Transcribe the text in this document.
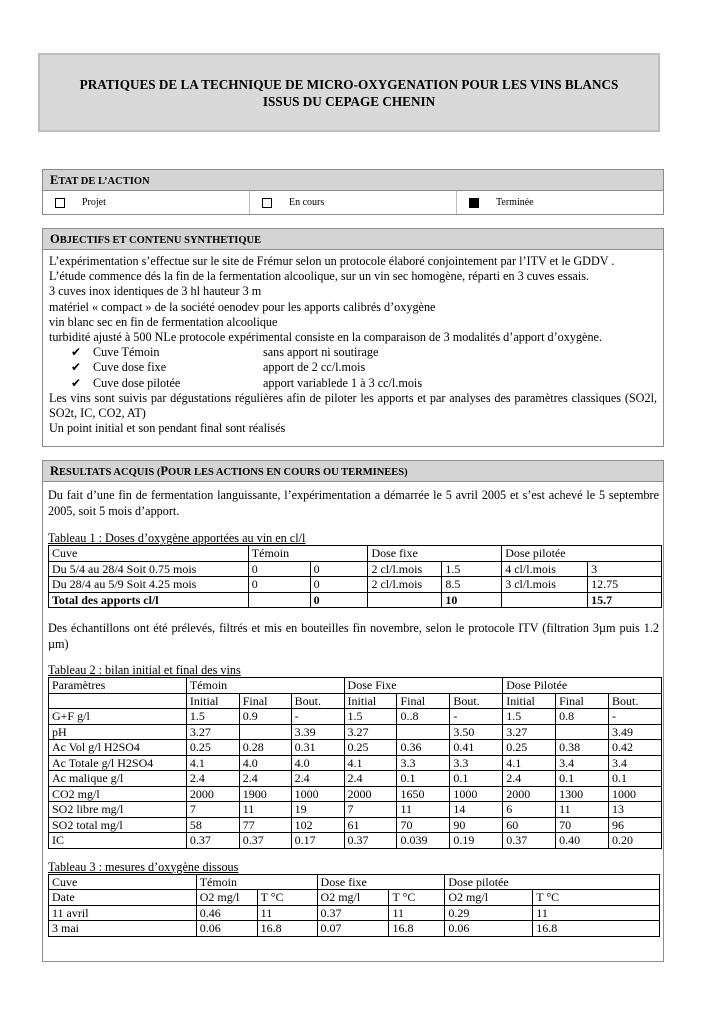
PRATIQUES DE LA TECHNIQUE DE MICRO-OXYGENATION POUR LES VINS BLANCS ISSUS DU CEPAGE CHENIN
ETAT DE L’ACTION
Projet	En cours	Terminée
OBJECTIFS ET CONTENU SYNTHETIQUE

L’expérimentation s’effectue sur le site de Frémur selon un protocole élaboré conjointement par l’ITV et le GDDV .

L’étude commence dés la fin de la fermentation alcoolique, sur un vin sec homogène, réparti en 3 cuves essais.

3 cuves inox identiques de 3 hl hauteur 3 m

matériel « compact » de la société oenodev pour les apports calibrés d’oxygène

vin blanc sec en fin de fermentation alcoolique

turbidité ajusté à 500 NLe protocole expérimental consiste en la comparaison de 3 modalités d’apport d’oxygène.

✔ Cuve Témoin	sans apport ni soutirage
✔ Cuve dose fixe	apport de 2 cc/l.mois
✔ Cuve dose pilotée	apport variablede 1 à 3 cc/l.mois

Les vins sont suivis par dégustations régulières afin de piloter les apports et par analyses des paramètres classiques (SO2l, SO2t, IC, CO2, AT)

Un point initial et son pendant final sont réalisés

RESULTATS ACQUIS (POUR LES ACTIONS EN COURS OU TERMINEES)

Du fait d’une fin de fermentation languissante, l’expérimentation a démarrée le 5 avril 2005 et s’est achevé le 5 septembre 2005, soit 5 mois d’apport.

Tableau 1 : Doses d’oxygène apportées au vin en cl/l

Cuve	Témoin		Dose fixe		Dose pilotée	
Du 5/4 au 28/4 Soit 0.75 mois	0	0	2 cl/l.mois	1.5	4 cl/l.mois	3
Du 28/4 au 5/9 Soit 4.25 mois	0	0	2 cl/l.mois	8.5	3 cl/l.mois	12.75
Total des apports cl/l		0		10		15.7

Des échantillons ont été prélevés, filtrés et mis en bouteilles fin novembre, selon le protocole ITV (filtration 3µm puis 1.2 µm)

Tableau 2 : bilan initial et final des vins

Paramètres	Témoin			Dose Fixe			Dose Pilotée		
	Initial	Final	Bout.	Initial	Final	Bout.	Initial	Final	Bout.
G+F g/l	1.5	0.9	-	1.5	0..8	-	1.5	0.8	-
pH	3.27		3.39	3.27		3.50	3.27		3.49
Ac Vol g/l H2SO4	0.25	0.28	0.31	0.25	0.36	0.41	0.25	0.38	0.42
Ac Totale g/l H2SO4	4.1	4.0	4.0	4.1	3.3	3.3	4.1	3.4	3.4
Ac malique g/l	2.4	2.4	2.4	2.4	0.1	0.1	2.4	0.1	0.1
CO2 mg/l	2000	1900	1000	2000	1650	1000	2000	1300	1000
SO2 libre mg/l	7	11	19	7	11	14	6	11	13
SO2 total mg/l	58	77	102	61	70	90	60	70	96
IC	0.37	0.37	0.17	0.37	0.039	0.19	0.37	0.40	0.20

Tableau 3 : mesures d’oxygène dissous

Cuve	Témoin		Dose fixe		Dose pilotée	
Date	O2 mg/l	T °C	O2 mg/l	T °C	O2 mg/l	T °C
11 avril	0.46	11	0.37	11	0.29	11
3 mai	0.06	16.8	0.07	16.8	0.06	16.8
